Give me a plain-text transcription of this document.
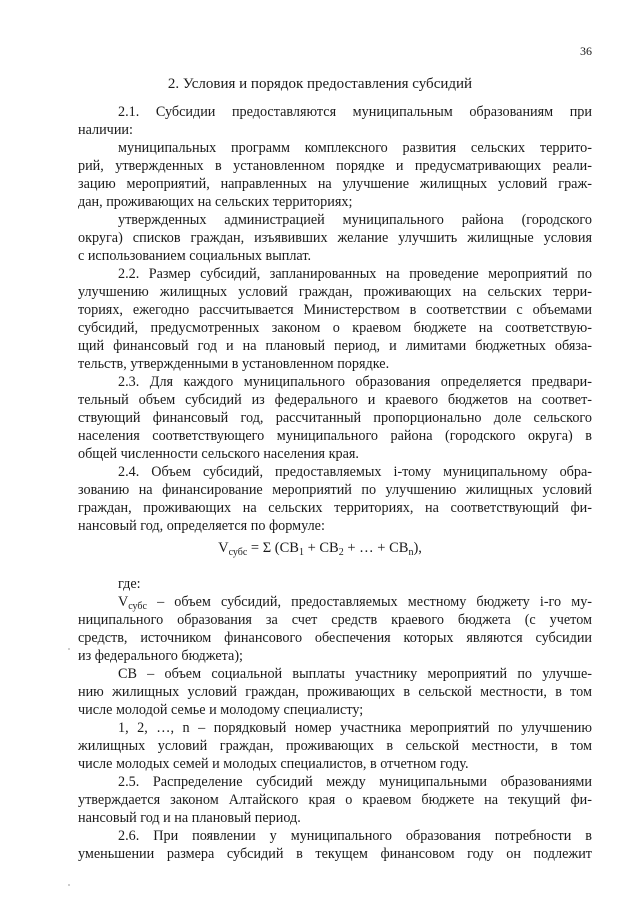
36
2. Условия и порядок предоставления субсидий
2.1. Субсидии предоставляются муниципальным образованиям при
наличии:
муниципальных программ комплексного развития сельских террито-
рий, утвержденных в установленном порядке и предусматривающих реали-
зацию мероприятий, направленных на улучшение жилищных условий граж-
дан, проживающих на сельских территориях;
утвержденных администрацией муниципального района (городского
округа) списков граждан, изъявивших желание улучшить жилищные условия
с использованием социальных выплат.
2.2. Размер субсидий, запланированных на проведение мероприятий по
улучшению жилищных условий граждан, проживающих на сельских терри-
ториях, ежегодно рассчитывается Министерством в соответствии с объемами
субсидий, предусмотренных законом о краевом бюджете на соответствую-
щий финансовый год и на плановый период, и лимитами бюджетных обяза-
тельств, утвержденными в установленном порядке.
2.3. Для каждого муниципального образования определяется предвари-
тельный объем субсидий из федерального и краевого бюджетов на соответ-
ствующий финансовый год, рассчитанный пропорционально доле сельского
населения соответствующего муниципального района (городского округа) в
общей численности сельского населения края.
2.4. Объем субсидий, предоставляемых i-тому муниципальному обра-
зованию на финансирование мероприятий по улучшению жилищных условий
граждан, проживающих на сельских территориях, на соответствующий фи-
нансовый год, определяется по формуле:
$V_{субс} = \Sigma$ ($СВ_1 + СВ_2$ + … + $СВ_n$),
где:
$V_{субс}$ – объем субсидий, предоставляемых местному бюджету i-го му-
ниципального образования за счет средств краевого бюджета (с учетом
средств, источником финансового обеспечения которых являются субсидии
из федерального бюджета);
СВ – объем социальной выплаты участнику мероприятий по улучше-
нию жилищных условий граждан, проживающих в сельской местности, в том
числе молодой семье и молодому специалисту;
1, 2, …, n – порядковый номер участника мероприятий по улучшению
жилищных условий граждан, проживающих в сельской местности, в том
числе молодых семей и молодых специалистов, в отчетном году.
2.5. Распределение субсидий между муниципальными образованиями
утверждается законом Алтайского края о краевом бюджете на текущий фи-
нансовый год и на плановый период.
2.6. При появлении у муниципального образования потребности в
уменьшении размера субсидий в текущем финансовом году он подлежит
